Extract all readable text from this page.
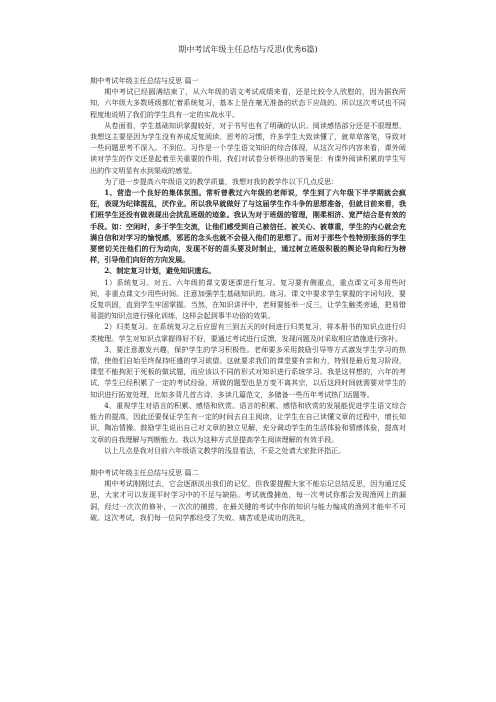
期中考试年级主任总结与反思(优秀6篇)

期中考试年级主任总结与反思 篇一

期中考试已经圆满结束了，从六年级的语文考试成绩来看，还是比较令人欣慰的，因为据我所知，六年级大多数班级都忙着系统复习，基本上是在毫无准备的状态下应战的。所以这次考试也不同程度地说明了我们的学生具有一定的实战水平。

从卷面看，学生基础知识掌握较好，对于书写也有了明确的认识。阅读感悟部分还是不很理想，我想这主要是因为学生没有养成反复阅读、思考的习惯，许多学生大致读懂了，就草草落笔，导致对一些问题思考不深入、不到位。习作是一个学生语文知识的综合体现，从这次习作内容来看，课外阅读对学生的作文还是起着至关重要的作用，我们对试卷分析得出的答案是：有课外阅读积累的学生写出的作文明显有水到渠成的感觉。

为了进一步提高六年级语文的教学质量，我想对我的教学作以下几点反思：

1、营造一个良好的集体氛围。常听曾教过六年级的老师说，学生到了六年级下半学期就会疯狂，表现为纪律混乱，厌作业。所以我早就做好了与这届学生作斗争的思想准备，但就目前来看，我们班学生还没有做表现出会扰乱班级的迹象。我认为对于班级的管理，刚柔相济、宽严结合是有效的手段。如：空闲时，多于学生交流，让他们感受到自己被信任、被关心、被尊重，学生的内心就会充满自信和对学习的愉悦感，邪恶的念头也就不会侵入他们的思想了。而对于那些个性特别张扬的学生要密切关注他们的行为动向，发现不好的苗头要及时制止，通过树立班级积极的舆论导向和行为榜样，引导他们向好的方向发展。

2、制定复习计划，避免知识遗忘。

1）系统复习。对五、六年级的课文要逐课进行复习。复习要有侧重点，重点课文可多用些时间，非重点课文少用些时间。注意加强学生基础知识的。练习。课文中要求学生掌握的字词句段，要反复巩固，直到学生牢固掌握。当然，在知识讲评中，老师要能举一反三，让学生触类旁通，把易错易混的知识点进行强化训练，这样会起到事半功倍的效果。

2）归类复习。在系统复习之后应留有三到五天的时间进行归类复习，将本册书的知识点进行归类梳理。学生对知识点掌握得好不好，要通过考试进行反馈，发现问题及时采取相应措施进行弥补。

3、要注意激发兴趣，保护学生的学习积极性。老师要多采用鼓励引导等方式激发学生学习的热情，使他们自始至终保持旺盛的学习欲望。这就要求我们的课堂要有亲和力，特别是最后复习阶段，课堂不能拘泥于死板的做试题，而应该以不同的形式对知识进行系统学习。我是这样想的，六年的考试，学生已经积累了一定的考试经验，所做的题型也是万变不离其宗，以后这段时间就需要对学生的知识进行拓宽处理，比如多背几首古诗，多读几篇范文，多储备一些历年考试热门话题等。

4、重视学生对语言的积累、感悟和欣赏。语言的积累、感悟和欣赏的发展能促进学生语文综合能力的提高，因此还要保证学生有一定的时间去自主阅读，让学生在自己读懂文章的过程中，增长知识，陶冶情操。鼓励学生说出自己对文章的独立见解，充分调动学生的生活体验和情感体验，提高对文章的自我理解与判断能力。我以为这种方式是提高学生阅读理解的有效手段。

以上几点是我对目前六年级语文教学的浅显看法，不妥之处请大家批评指正。

期中考试年级主任总结与反思 篇二

期中考试刚刚过去，它会逐渐淡出我们的记忆，但我要提醒大家不能忘记总结反思，因为通过反思，大家才可以发现平时学习中的不足与缺陷。考试就像捕鱼，每一次考试你都会发现渔网上的漏洞，经过一次次的修补，一次次的捕捞，在最关键的考试中你的知识与能力编成的渔网才能牢不可破。这次考试，我们每一位同学都经受了失败、痛苦或是成功的洗礼，
